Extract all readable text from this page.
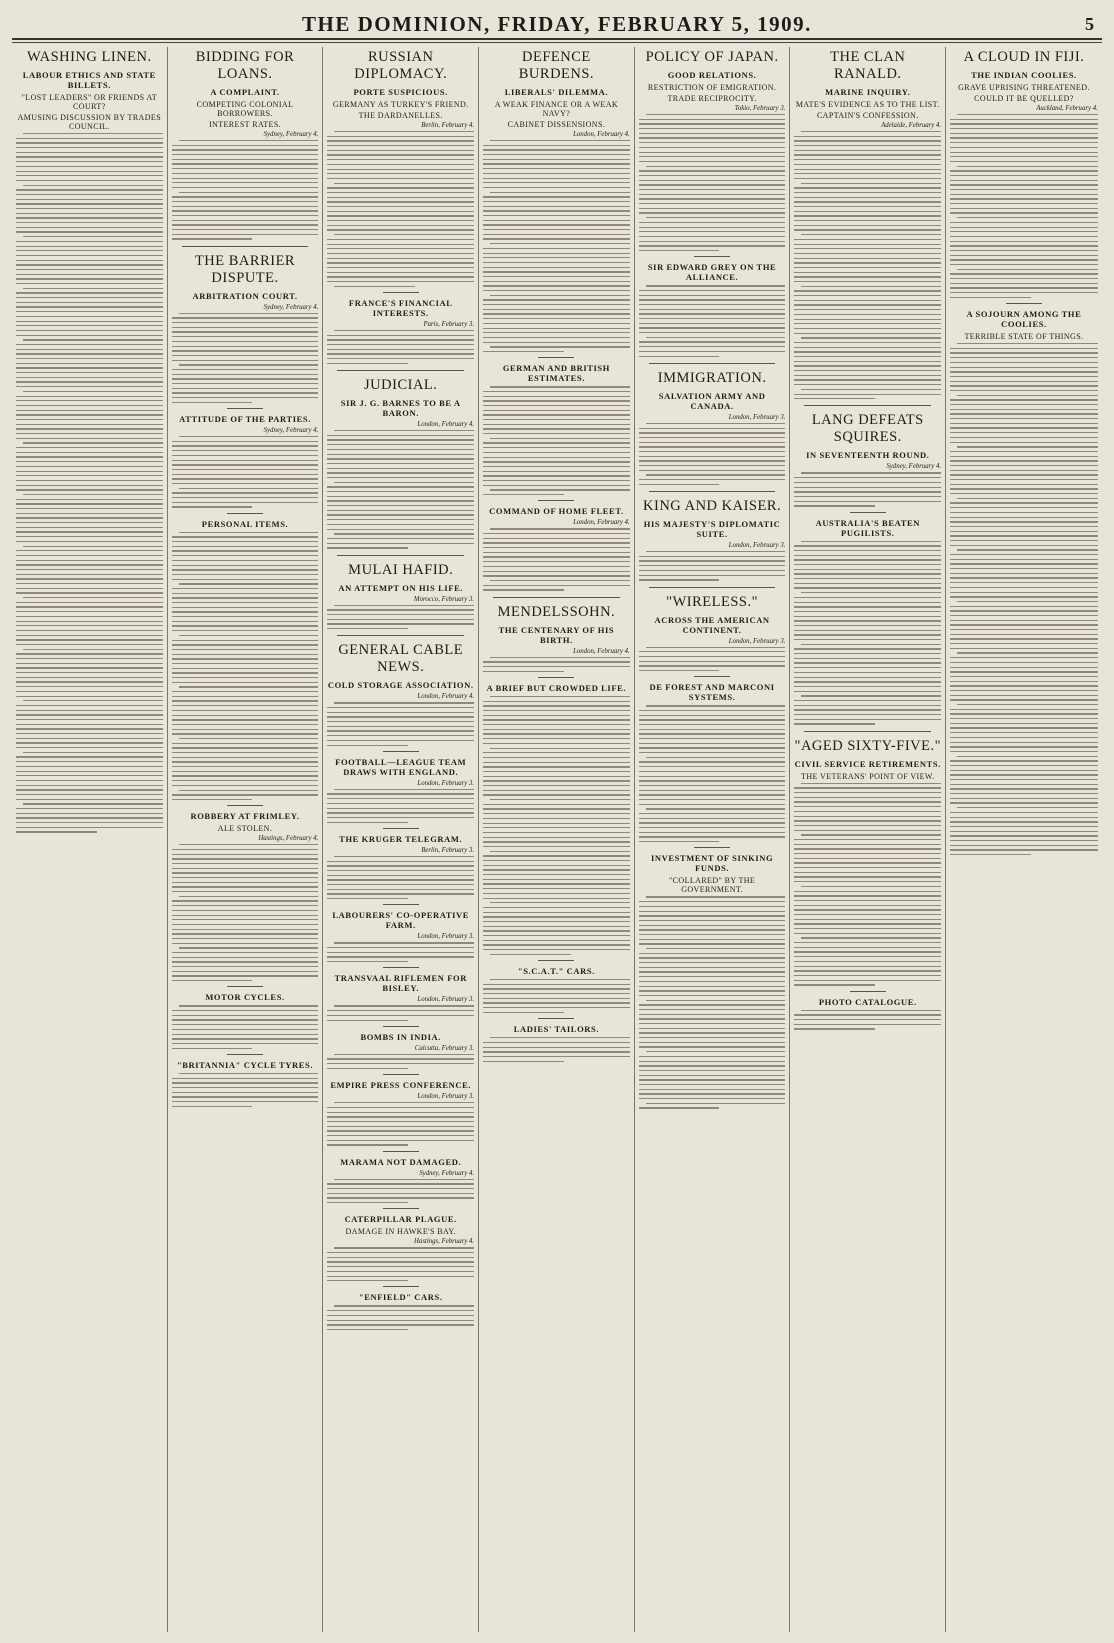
THE DOMINION, FRIDAY, FEBRUARY 5, 1909.	5
WASHING LINEN.
LABOUR ETHICS AND STATE BILLETS.
"LOST LEADERS" OR FRIENDS AT COURT?
AMUSING DISCUSSION BY TRADES COUNCIL.
BIDDING FOR LOANS.
A COMPLAINT.
COMPETING COLONIAL BORROWERS.
INTEREST RATES.
Sydney, February 4.
THE BARRIER DISPUTE.
ARBITRATION COURT.
Sydney, February 4.
ATTITUDE OF THE PARTIES.
Sydney, February 4.
PERSONAL ITEMS.
ROBBERY AT FRIMLEY.
ALE STOLEN.
Hastings, February 4.
MOTOR CYCLES.
"BRITANNIA" CYCLE TYRES.
RUSSIAN DIPLOMACY.
PORTE SUSPICIOUS.
GERMANY AS TURKEY'S FRIEND.
THE DARDANELLES.
Berlin, February 4.
FRANCE'S FINANCIAL INTERESTS.
Paris, February 3.
JUDICIAL.
SIR J. G. BARNES TO BE A BARON.
London, February 4.
MULAI HAFID.
AN ATTEMPT ON HIS LIFE.
Morocco, February 3.
GENERAL CABLE NEWS.
COLD STORAGE ASSOCIATION.
London, February 4.
FOOTBALL—LEAGUE TEAM DRAWS WITH ENGLAND.
London, February 3.
THE KRUGER TELEGRAM.
Berlin, February 3.
LABOURERS' CO-OPERATIVE FARM.
London, February 3.
TRANSVAAL RIFLEMEN FOR BISLEY.
London, February 3.
BOMBS IN INDIA.
Calcutta, February 3.
EMPIRE PRESS CONFERENCE.
London, February 3.
MARAMA NOT DAMAGED.
Sydney, February 4.
CATERPILLAR PLAGUE.
DAMAGE IN HAWKE'S BAY.
Hastings, February 4.
"ENFIELD" CARS.
DEFENCE BURDENS.
LIBERALS' DILEMMA.
A WEAK FINANCE OR A WEAK NAVY?
CABINET DISSENSIONS.
London, February 4.
GERMAN AND BRITISH ESTIMATES.
COMMAND OF HOME FLEET.
London, February 4.
MENDELSSOHN.
THE CENTENARY OF HIS BIRTH.
London, February 4.
A BRIEF BUT CROWDED LIFE.
"S.C.A.T." CARS.
LADIES' TAILORS.
POLICY OF JAPAN.
GOOD RELATIONS.
RESTRICTION OF EMIGRATION.
TRADE RECIPROCITY.
Tokio, February 3.
SIR EDWARD GREY ON THE ALLIANCE.
IMMIGRATION.
SALVATION ARMY AND CANADA.
London, February 3.
KING AND KAISER.
HIS MAJESTY'S DIPLOMATIC SUITE.
London, February 3.
"WIRELESS."
ACROSS THE AMERICAN CONTINENT.
London, February 3.
DE FOREST AND MARCONI SYSTEMS.
INVESTMENT OF SINKING FUNDS.
"COLLARED" BY THE GOVERNMENT.
THE CLAN RANALD.
MARINE INQUIRY.
MATE'S EVIDENCE AS TO THE LIST.
CAPTAIN'S CONFESSION.
Adelaide, February 4.
LANG DEFEATS SQUIRES.
IN SEVENTEENTH ROUND.
Sydney, February 4.
AUSTRALIA'S BEATEN PUGILISTS.
"AGED SIXTY-FIVE."
CIVIL SERVICE RETIREMENTS.
THE VETERANS' POINT OF VIEW.
PHOTO CATALOGUE.
A CLOUD IN FIJI.
THE INDIAN COOLIES.
GRAVE UPRISING THREATENED.
COULD IT BE QUELLED?
Auckland, February 4.
A SOJOURN AMONG THE COOLIES.
TERRIBLE STATE OF THINGS.
